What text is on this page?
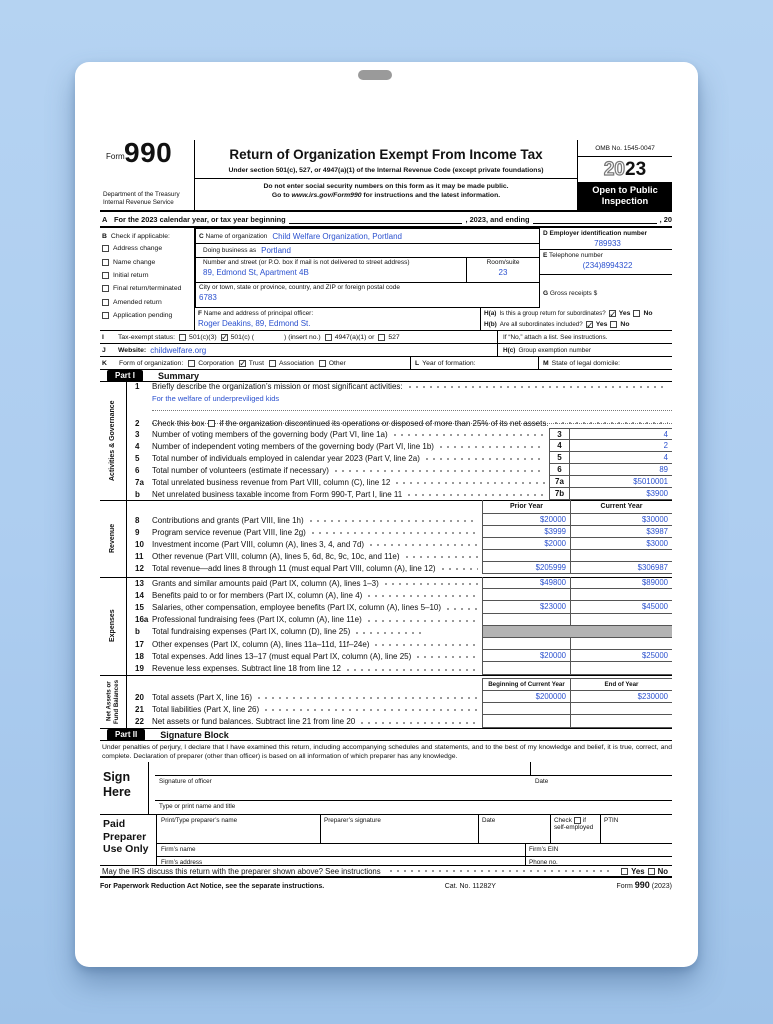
Form 990
Department of the Treasury
Internal Revenue Service
Return of Organization Exempt From Income Tax
Under section 501(c), 527, or 4947(a)(1) of the Internal Revenue Code (except private foundations)
Do not enter social security numbers on this form as it may be made public.
Go to www.irs.gov/Form990 for instructions and the latest information.
OMB No. 1545-0047
20 23
Open to Public
Inspection
A For the 2023 calendar year, or tax year beginning	, 2023, and ending	, 20
B Check if applicable:
Address change
Name change
Initial return
Final return/terminated
Amended return
Application pending
C
Name of organization Child Welfare Organization, Portland
Doing business as Portland
Number and street (or P.O. box if mail is not delivered to street address)
89, Edmond St, Apartment 4B
Room/suite
23
City or town, state or province, country, and ZIP or foreign postal code
6783
D Employer identification number
789933
E Telephone number
(234)8994322
G Gross receipts $
F Name and address of principal officer:
Roger Deakins, 89, Edmond St.
H(a) Is this a group return for subordinates? ✓ Yes No
H(b) Are all subordinates included? ✓ Yes No
I	Tax-exempt status: 501(c)(3) ✓ 501(c) (	) (insert no.) 4947(a)(1) or 527	If “No,” attach a list. See instructions.
J	Website: childwelfare.org	H(c) Group exemption number
K	Form of organization: Corporation ✓ Trust Association Other	L Year of formation:	M State of legal domicile:
Part I	Summary
Activities & Governance
Revenue
Expenses
Net Assets or Fund Balances
1	Briefly describe the organization’s mission or most significant activities:
For the welfare of underpreviliged kids
2	Check this box if the organization discontinued its operations or disposed of more than 25% of its net assets.
3	Number of voting members of the governing body (Part VI, line 1a)	3	4
4	Number of independent voting members of the governing body (Part VI, line 1b)	4	2
5	Total number of individuals employed in calendar year 2023 (Part V, line 2a)	5	4
6	Total number of volunteers (estimate if necessary)	6	89
7a	Total unrelated business revenue from Part VIII, column (C), line 12	7a	$5010001
b	Net unrelated business taxable income from Form 990-T, Part I, line 11	7b	$3900
Prior Year	Current Year
8	Contributions and grants (Part VIII, line 1h)	$20000	$30000
9	Program service revenue (Part VIII, line 2g)	$3999	$3987
10	Investment income (Part VIII, column (A), lines 3, 4, and 7d)	$2000	$3000
11	Other revenue (Part VIII, column (A), lines 5, 6d, 8c, 9c, 10c, and 11e)
12	Total revenue—add lines 8 through 11 (must equal Part VIII, column (A), line 12)	$205999	$306987
13	Grants and similar amounts paid (Part IX, column (A), lines 1–3)	$49800	$89000
14	Benefits paid to or for members (Part IX, column (A), line 4)
15	Salaries, other compensation, employee benefits (Part IX, column (A), lines 5–10)	$23000	$45000
16a Professional fundraising fees (Part IX, column (A), line 11e)
b	Total fundraising expenses (Part IX, column (D), line 25)
17	Other expenses (Part IX, column (A), lines 11a–11d, 11f–24e)
18	Total expenses. Add lines 13–17 (must equal Part IX, column (A), line 25)	$20000	$25000
19	Revenue less expenses. Subtract line 18 from line 12
Beginning of Current Year	End of Year
20	Total assets (Part X, line 16)	$200000	$230000
21	Total liabilities (Part X, line 26)
22	Net assets or fund balances. Subtract line 21 from line 20
Part II	Signature Block
Under penalties of perjury, I declare that I have examined this return, including accompanying schedules and statements, and to the best of my knowledge and belief, it is true, correct, and complete. Declaration of preparer (other than officer) is based on all information of which preparer has any knowledge.
Sign
Here
Signature of officer	Date
Type or print name and title
Paid
Preparer
Use Only
Print/Type preparer’s name	Preparer’s signature	Date	Check if

self-employed
PTIN
Firm’s name	Firm’s EIN
Firm’s address	Phone no.
May the IRS discuss this return with the preparer shown above? See instructions	Yes No
For Paperwork Reduction Act Notice, see the separate instructions.	Cat. No. 11282Y	Form 990 (2023)
